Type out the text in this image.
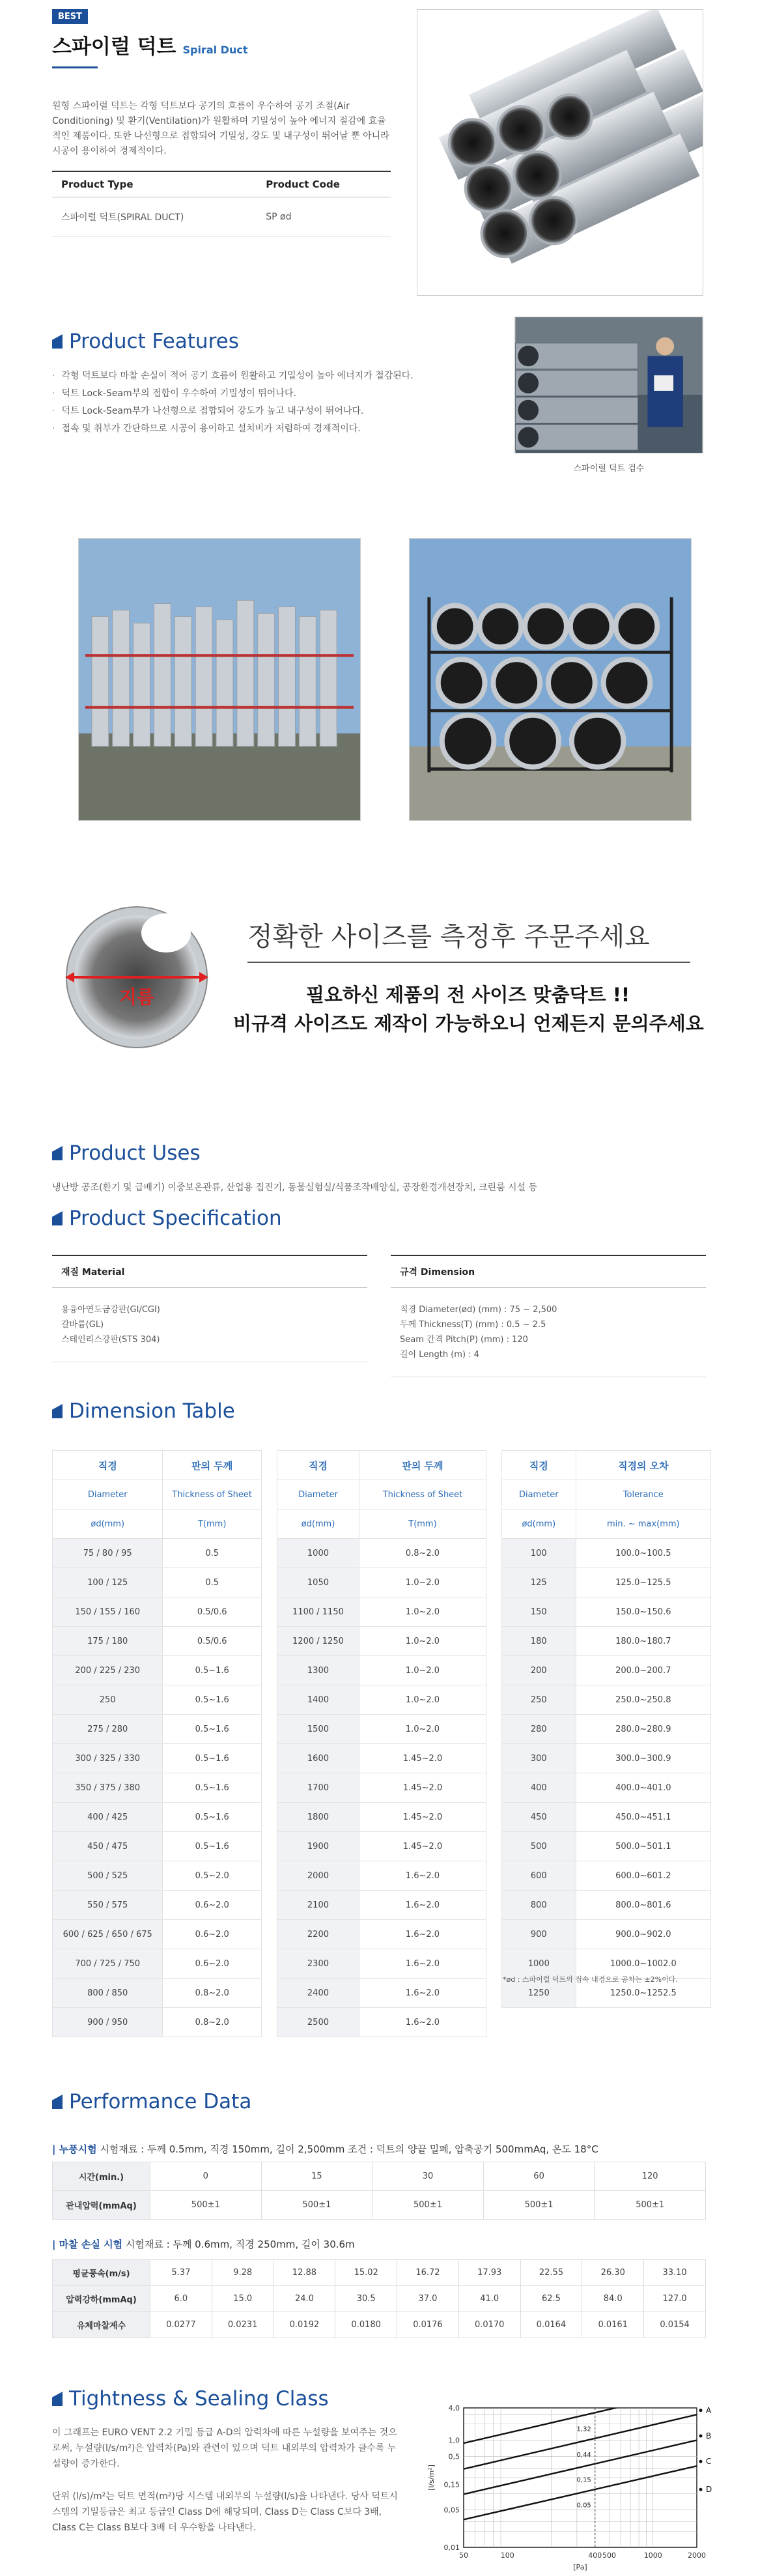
BEST
스파이럴 덕트 Spiral Duct

원형 스파이럴 덕트는 각형 덕트보다 공기의 흐름이 우수하여 공기 조절(Air Conditioning) 및 환기(Ventilation)가 원활하며 기밀성이 높아 에너지 절감에 효율적인 제품이다. 또한 나선형으로 접합되어 기밀성, 강도 및 내구성이 뛰어날 뿐 아니라 시공이 용이하여 경제적이다.

Product Type	Product Code
스파이럴 덕트(SPIRAL DUCT)	SP ød
Product Features
· 각형 덕트보다 마찰 손실이 적어 공기 흐름이 원활하고 기밀성이 높아 에너지가 절감된다.
· 덕트 Lock-Seam부의 접합이 우수하여 기밀성이 뛰어나다.
· 덕트 Lock-Seam부가 나선형으로 접합되어 강도가 높고 내구성이 뛰어나다.
· 접속 및 취부가 간단하므로 시공이 용이하고 설치비가 저렴하여 경제적이다.
스파이럴 덕트 검수
지름
정확한 사이즈를 측정후 주문주세요
필요하신 제품의 전 사이즈 맞춤닥트 !!
비규격 사이즈도 제작이 가능하오니 언제든지 문의주세요
Product Uses
냉난방 공조(환기 및 급배기) 이중보온관류, 산업용 집진기, 동물실험실/식품조작배양실, 공장환경개선장치, 크린룸 시설 등
Product Specification
재질 Material
용융아연도금강판(GI/CGI)
갈바륨(GL)
스테인리스강판(STS 304)
규격 Dimension
직경 Diameter(ød) (mm) : 75 ~ 2,500
두께 Thickness(T) (mm) : 0.5 ~ 2.5
Seam 간격 Pitch(P) (mm) : 120
길이 Length (m) : 4
Dimension Table
직경	판의 두께
Diameter	Thickness of Sheet
ød(mm)	T(mm)
75 / 80 / 95	0.5
100 / 125	0.5
150 / 155 / 160	0.5/0.6
175 / 180	0.5/0.6
200 / 225 / 230	0.5~1.6
250	0.5~1.6
275 / 280	0.5~1.6
300 / 325 / 330	0.5~1.6
350 / 375 / 380	0.5~1.6
400 / 425	0.5~1.6
450 / 475	0.5~1.6
500 / 525	0.5~2.0
550 / 575	0.6~2.0
600 / 625 / 650 / 675	0.6~2.0
700 / 725 / 750	0.6~2.0
800 / 850	0.8~2.0
900 / 950	0.8~2.0
직경	판의 두께
Diameter	Thickness of Sheet
ød(mm)	T(mm)
1000	0.8~2.0
1050	1.0~2.0
1100 / 1150	1.0~2.0
1200 / 1250	1.0~2.0
1300	1.0~2.0
1400	1.0~2.0
1500	1.0~2.0
1600	1.45~2.0
1700	1.45~2.0
1800	1.45~2.0
1900	1.45~2.0
2000	1.6~2.0
2100	1.6~2.0
2200	1.6~2.0
2300	1.6~2.0
2400	1.6~2.0
2500	1.6~2.0
직경	직경의 오차
Diameter	Tolerance
ød(mm)	min. ~ max(mm)
100	100.0~100.5
125	125.0~125.5
150	150.0~150.6
180	180.0~180.7
200	200.0~200.7
250	250.0~250.8
280	280.0~280.9
300	300.0~300.9
400	400.0~401.0
450	450.0~451.1
500	500.0~501.1
600	600.0~601.2
800	800.0~801.6
900	900.0~902.0
1000	1000.0~1002.0
1250	1250.0~1252.5
*ød : 스파이럴 덕트의 접속 내경으로 공차는 ±2%이다.
Performance Data
| 누풍시험 시험재료 : 두께 0.5mm, 직경 150mm, 길이 2,500mm 조건 : 덕트의 양끝 밀폐, 압축공기 500mmAq, 온도 18°C
시간(min.)	0	15	30	60	120
관내압력(mmAq)	500±1	500±1	500±1	500±1	500±1
| 마찰 손실 시험 시험재료 : 두께 0.6mm, 직경 250mm, 길이 30.6m
평균풍속(m/s)	5.37	9.28	12.88	15.02	16.72	17.93	22.55	26.30	33.10
압력강하(mmAq)	6.0	15.0	24.0	30.5	37.0	41.0	62.5	84.0	127.0
유체마찰계수	0.0277	0.0231	0.0192	0.0180	0.0176	0.0170	0.0164	0.0161	0.0154
Tightness & Sealing Class

이 그래프는 EURO VENT 2.2 기밀 등급 A-D의 압력차에 따른 누설량을 보여주는 것으로써, 누설량(l/s/m²)은 압력차(Pa)와 관련이 있으며 덕트 내외부의 압력차가 클수록 누설량이 증가한다.

단위 (l/s)/m²는 덕트 면적(m²)당 시스템 내외부의 누설량(l/s)을 나타낸다. 당사 덕트시스템의 기밀등급은 최고 등급인 Class D에 해당되며, Class D는 Class C보다 3배, Class C는 Class B보다 3배 더 우수함을 나타낸다.

50	100	400 500	1000	2000
4,0
1,0
0,5
0,15
0,05
0,01
[Pa]
[l/s/m²]
A
B
C
D
1,32
0,44
0,15
0,05
